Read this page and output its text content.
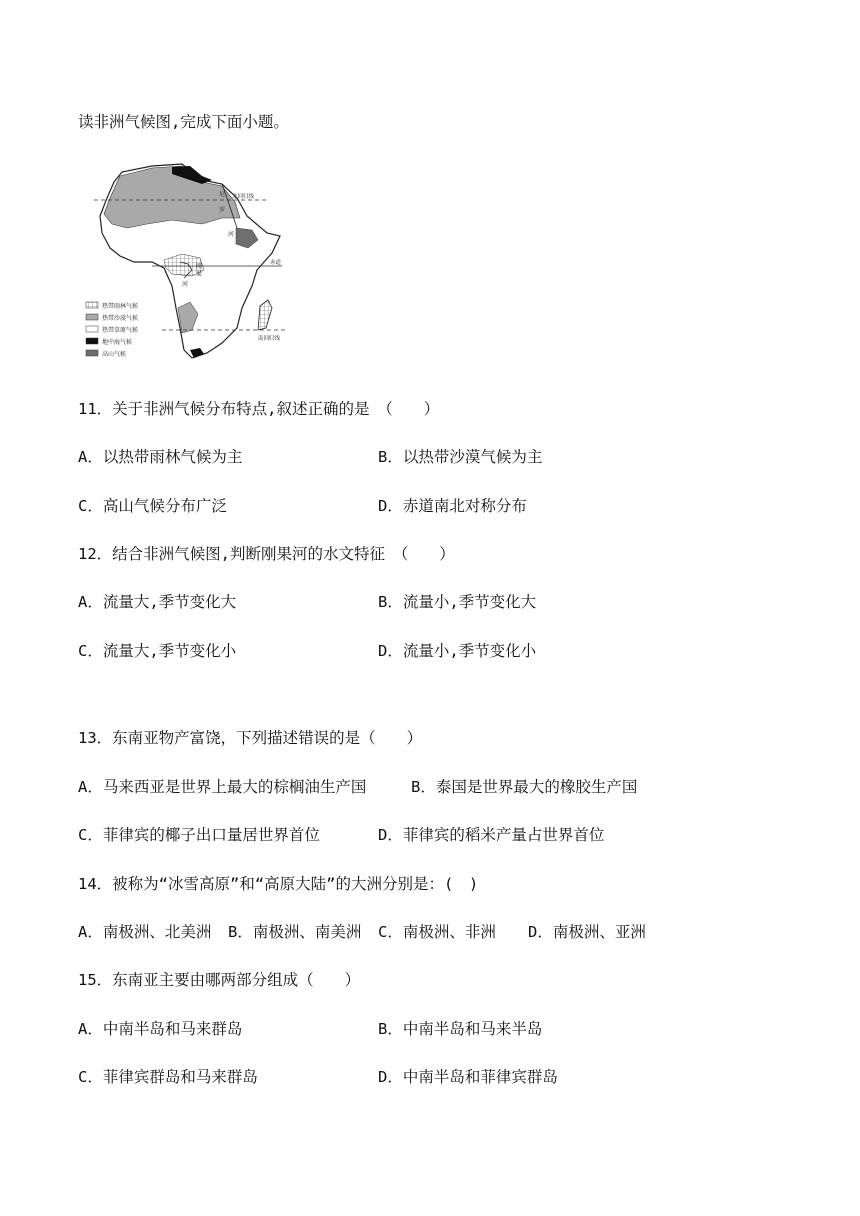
读非洲气候图,完成下面小题。
尼
罗
河
北回归线
刚
果
河
赤道
南回归线
热带雨林气候
热带沙漠气候
热带草原气候
地中海气候
高山气候
11．关于非洲气候分布特点,叙述正确的是　（　　）
A．以热带雨林气候为主	B．以热带沙漠气候为主
C．高山气候分布广泛	D．赤道南北对称分布
12．结合非洲气候图,判断刚果河的水文特征　（　　）
A．流量大,季节变化大	B．流量小,季节变化大
C．流量大,季节变化小	D．流量小,季节变化小
13．东南亚物产富饶，下列描述错误的是（　　）
A．马来西亚是世界上最大的棕榈油生产国	B．泰国是世界最大的橡胶生产国
C．菲律宾的椰子出口量居世界首位	D．菲律宾的稻米产量占世界首位
14．被称为“冰雪高原”和“高原大陆”的大洲分别是：(　)
A．南极洲、北美洲 B．南极洲、南美洲 C．南极洲、非洲 D．南极洲、亚洲
15．东南亚主要由哪两部分组成（　　）
A．中南半岛和马来群岛	B．中南半岛和马来半岛
C．菲律宾群岛和马来群岛	D．中南半岛和菲律宾群岛
